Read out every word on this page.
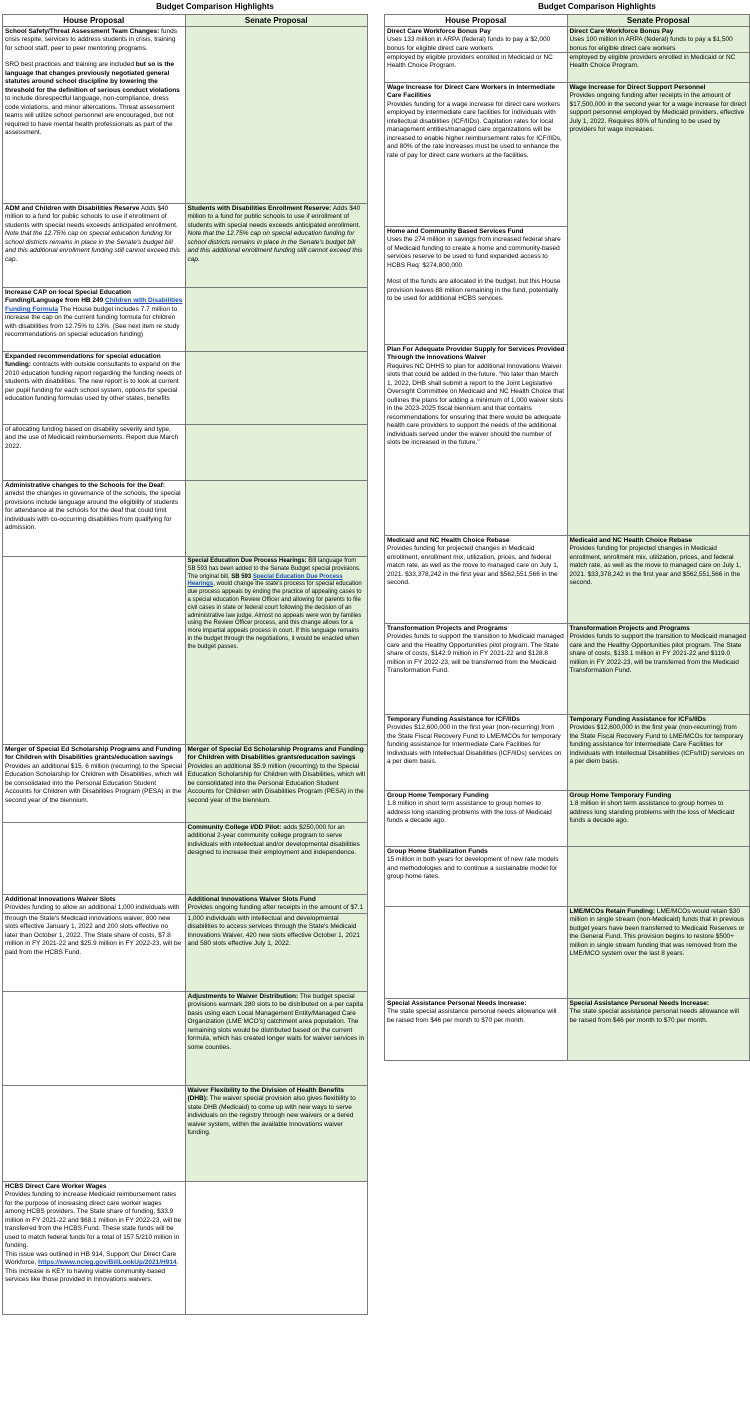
Budget Comparison Highlights
House Proposal	Senate Proposal

School Safety/Threat Assessment Team Changes: funds crisis respite, services to address students in crisis, training for school staff, peer to peer mentoring programs.

SRO best practices and training are included but so is the language that changes previously negotiated general statutes around school discipline by lowering the threshold for the definition of serious conduct violations to include disrespectful language, non-compliance, dress code violations, and minor altercations. Threat assessment teams will utilize school personnel are encouraged, but not required to have mental health professionals as part of the assessment.

ADM and Children with Disabilities Reserve Adds $40 million to a fund for public schools to use if enrollment of students with special needs exceeds anticipated enrollment. Note that the 12.75% cap on special education funding for school districts remains in place in the Senate's budget bill and this additional enrollment funding still cannot exceed this cap.

Students with Disabilities Enrollment Reserve: Adds $40 million to a fund for public schools to use if enrollment of students with special needs exceeds anticipated enrollment. Note that the 12.75% cap on special education funding for school districts remains in place in the Senate's budget bill and this additional enrollment funding still cannot exceed this cap.

Increase CAP on local Special Education Funding/Language from HB 249 Children with Disabilities Funding Formula The House budget includes 7.7 million to increase the cap on the current funding formula for children with disabilities from 12.75% to 13%. (See next item re study recommendations on special education funding)

Expanded recommendations for special education funding: contracts with outside consultants to expand on the 2010 education funding report regarding the funding needs of students with disabilities. The new report is to look at current per pupil funding for each school system, options for special education funding formulas used by other states, benefits

of allocating funding based on disability severity and type, and the use of Medicaid reimbursements. Report due March 2022.

Administrative changes to the Schools for the Deaf: amidst the changes in governance of the schools, the special provisions include language around the eligibility of students for attendance at the schools for the deaf that could limit individuals with co-occurring disabilities from qualifying for admission.

Special Education Due Process Hearings: Bill language from SB 593 has been added to the Senate Budget special provisions. The original bill, SB 593 Special Education Due Process Hearings, would change the state's process for special education due process appeals by ending the practice of appealing cases to a special education Review Officer and allowing for parents to file civil cases in state or federal court following the decision of an administrative law judge. Almost no appeals were won by families using the Review Officer process, and this change allows for a more impartial appeals process in court. If this language remains in the budget through the negotiations, it would be enacted when the budget passes.

Merger of Special Ed Scholarship Programs and Funding for Children with Disabilities grants/education savings

Provides an additional $15. 6 million (recurring) to the Special Education Scholarship for Children with Disabilities, which will be consolidated into the Personal Education Student Accounts for Children with Disabilities Program (PESA) in the second year of the biennium.

Merger of Special Ed Scholarship Programs and Funding for Children with Disabilities grants/education savings

Provides an additional $5.9 million (recurring) to the Special Education Scholarship for Children with Disabilities, which will be consolidated into the Personal Education Student Accounts for Children with Disabilities Program (PESA) in the second year of the biennium.

Community College I/DD Pilot: adds $250,000 for an additional 2-year community college program to serve individuals with intellectual and/or developmental disabilities designed to increase their employment and independence.

Additional Innovations Waiver Slots

Provides funding to allow an additional 1,000 individuals with

Additional Innovations Waiver Slots Fund

Provides ongoing funding after receipts in the amount of $7.1

through the State's Medicaid innovations waiver, 800 new slots effective January 1, 2022 and 200 slots effective no later than October 1, 2022. The State share of costs, $7.8 million in FY 2021-22 and $25.9 million in FY 2022-23, will be paid from the HCBS Fund.

1,000 individuals with intellectual and developmental disabilities to access services through the State's Medicaid Innovations Waiver, 420 new slots effective October 1, 2021 and 580 slots effective July 1, 2022.

Adjustments to Waiver Distribution: The budget special provisions earmark 280 slots to be distributed on a per capita basis using each Local Management Entity/Managed Care Organization (LME MCO's) catchment area population. The remaining slots would be distributed based on the current formula, which has created longer waits for waiver services in some counties.

Waiver Flexibility to the Division of Health Benefits (DHB): The waiver special provision also gives flexibility to state DHB (Medicaid) to come up with new ways to serve individuals on the registry through new waivers or a tiered waiver system, within the available Innovations waiver funding.

HCBS Direct Care Worker Wages

Provides funding to increase Medicaid reimbursement rates for the purpose of increasing direct care worker wages among HCBS providers. The State share of funding, $33.9 million in FY 2021-22 and $68.1 million in FY 2022-23, will be transferred from the HCBS Fund. These state funds will be used to match federal funds for a total of 157.5/210 million in funding.

This issue was outlined in HB 914, Support Our Direct Care Workforce, https://www.ncleg.gov/BillLookUp/2021/H914. This increase is KEY to having viable community-based services like those provided in Innovations waivers.

Budget Comparison Highlights
House Proposal	Senate Proposal

Direct Care Workforce Bonus Pay

Uses 133 million in ARPA (federal) funds to pay a $2,000 bonus for eligible direct care workers

Direct Care Workforce Bonus Pay

Uses 100 million in ARPA (federal) funds to pay a $1,500 bonus for eligible direct care workers

employed by eligible providers enrolled in Medicaid or NC Health Choice Program.

employed by eligible providers enrolled in Medicaid or NC Health Choice Program.

Wage Increase for Direct Care Workers in Intermediate Care Facilities

Provides funding for a wage increase for direct care workers employed by intermediate care facilities for individuals with intellectual disabilities (ICF/IIDs). Capitation rates for local management entities/managed care organizations will be increased to enable higher reimbursement rates for ICF/IIDs, and 80% of the rate increases must be used to enhance the rate of pay for direct care workers at the facilities.

Wage Increase for Direct Support Personnel

Provides ongoing funding after receipts in the amount of $17,500,000 in the second year for a wage increase for direct support personnel employed by Medicaid providers, effective July 1, 2022. Requires 80% of funding to be used by providers for wage increases.

Home and Community Based Services Fund

Uses the 274 million in savings from increased federal share of Medicaid funding to create a home and community-based services reserve to be used to fund expanded access to HCBS Req: $274,800,000

Most of the funds are allocated in the budget, but this House provision leaves 88 million remaining in the fund, potentially to be used for additional HCBS services.

Plan For Adequate Provider Supply for Services Provided Through the Innovations Waiver

Requires NC DHHS to plan for additional Innovations Waiver slots that could be added in the future. “No later than March 1, 2022, DHB shall submit a report to the Joint Legislative Oversight Committee on Medicaid and NC Health Choice that outlines the plans for adding a minimum of 1,000 waiver slots in the 2023-2025 fiscal biennium and that contains recommendations for ensuring that there would be adequate health care providers to support the needs of the additional individuals served under the waiver should the number of slots be increased in the future.”

Medicaid and NC Health Choice Rebase

Provides funding for projected changes in Medicaid enrollment, enrollment mix, utilization, prices, and federal match rate, as well as the move to managed care on July 1, 2021. $33,378,242 in the first year and $562,551,566 in the second.

Medicaid and NC Health Choice Rebase

Provides funding for projected changes in Medicaid enrollment, enrollment mix, utilization, prices, and federal match rate, as well as the move to managed care on July 1, 2021. $33,378,242 in the first year and $562,551,566 in the second.

Transformation Projects and Programs

Provides funds to support the transition to Medicaid managed care and the Healthy Opportunities pilot program. The State share of costs, $142.9 million in FY 2021-22 and $128.8 million in FY 2022-23, will be transferred from the Medicaid Transformation Fund.

Transformation Projects and Programs

Provides funds to support the transition to Medicaid managed care and the Healthy Opportunities pilot program. The State share of costs, $133.1 million in FY 2021-22 and $119.0 million in FY 2022-23, will be transferred from the Medicaid Transformation Fund.

Temporary Funding Assistance for ICF/IIDs

Provides $12,600,000 in the first year (non-recurring) from the State Fiscal Recovery Fund to LME/MCOs for temporary funding assistance for Intermediate Care Facilities for Individuals with Intellectual Disabilities (ICF/IIDs) services on a per diem basis.

Temporary Funding Assistance for ICFs/IIDs

Provides $12,600,000 in the first year (non-recurring) from the State Fiscal Recovery Fund to LME/MCOs for temporary funding assistance for Intermediate Care Facilities for Individuals with Intellectual Disabilities (ICFs/IID) services on a per diem basis.

Group Home Temporary Funding

1.8 million in short term assistance to group homes to address long standing problems with the loss of Medicaid funds a decade ago.

Group Home Temporary Funding

1.8 million in short term assistance to group homes to address long standing problems with the loss of Medicaid funds a decade ago.

Group Home Stabilization Funds

15 million in both years for development of new rate models and methodologies and to continue a sustainable model for group home rates.

LME/MCOs Retain Funding: LME/MCOs would retain $30 million in single stream (non-Medicaid) funds that in previous budget years have been transferred to Medicaid Reserves or the General Fund. This provision begins to restore $500+ million in single stream funding that was removed from the LME/MCO system over the last 8 years.

Special Assistance Personal Needs Increase:

The state special assistance personal needs allowance will be raised from $46 per month to $70 per month.

Special Assistance Personal Needs Increase:

The state special assistance personal needs allowance will be raised from $46 per month to $70 per month.
